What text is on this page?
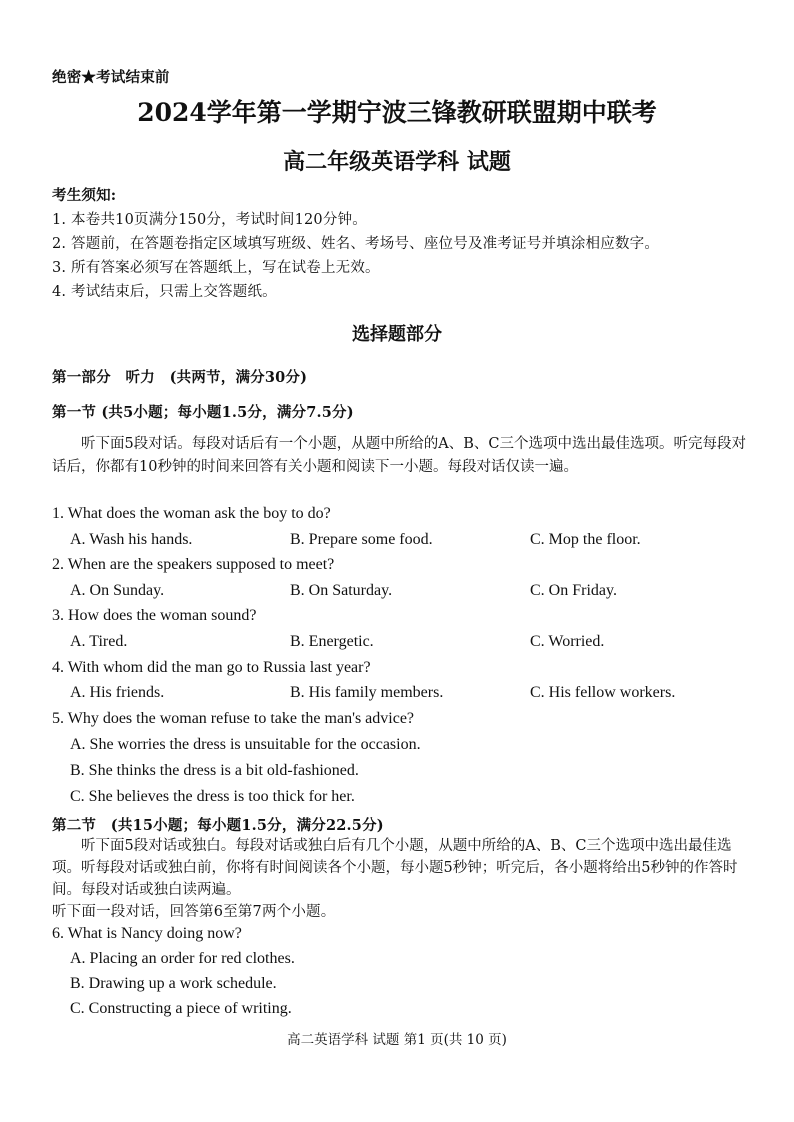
绝密★考试结束前
2024学年第一学期宁波三锋教研联盟期中联考
高二年级英语学科 试题
考生须知:
1. 本卷共10页满分150分，考试时间120分钟。
2. 答题前，在答题卷指定区域填写班级、姓名、考场号、座位号及准考证号并填涂相应数字。
3. 所有答案必须写在答题纸上，写在试卷上无效。
4. 考试结束后，只需上交答题纸。
选择题部分
第一部分　听力　(共两节，满分30分)
第一节 (共5小题；每小题1.5分，满分7.5分)
听下面5段对话。每段对话后有一个小题，从题中所给的A、B、C三个选项中选出最佳选项。听完每段对话后，你都有10秒钟的时间来回答有关小题和阅读下一小题。每段对话仅读一遍。
1. What does the woman ask the boy to do?
A. Wash his hands.	B. Prepare some food.	C. Mop the floor.
2. When are the speakers supposed to meet?
A. On Sunday.	B. On Saturday.	C. On Friday.
3. How does the woman sound?
A. Tired.	B. Energetic.	C. Worried.
4. With whom did the man go to Russia last year?
A. His friends.	B. His family members.	C. His fellow workers.
5. Why does the woman refuse to take the man's advice?
A. She worries the dress is unsuitable for the occasion.
B. She thinks the dress is a bit old-fashioned.
C. She believes the dress is too thick for her.
第二节　(共15小题；每小题1.5分，满分22.5分)
听下面5段对话或独白。每段对话或独白后有几个小题，从题中所给的A、B、C三个选项中选出最佳选项。听每段对话或独白前，你将有时间阅读各个小题，每小题5秒钟；听完后，各小题将给出5秒钟的作答时间。每段对话或独白读两遍。
听下面一段对话，回答第6至第7两个小题。
6. What is Nancy doing now?
A. Placing an order for red clothes.
B. Drawing up a work schedule.
C. Constructing a piece of writing.
高二英语学科 试题 第1 页(共 10 页)
